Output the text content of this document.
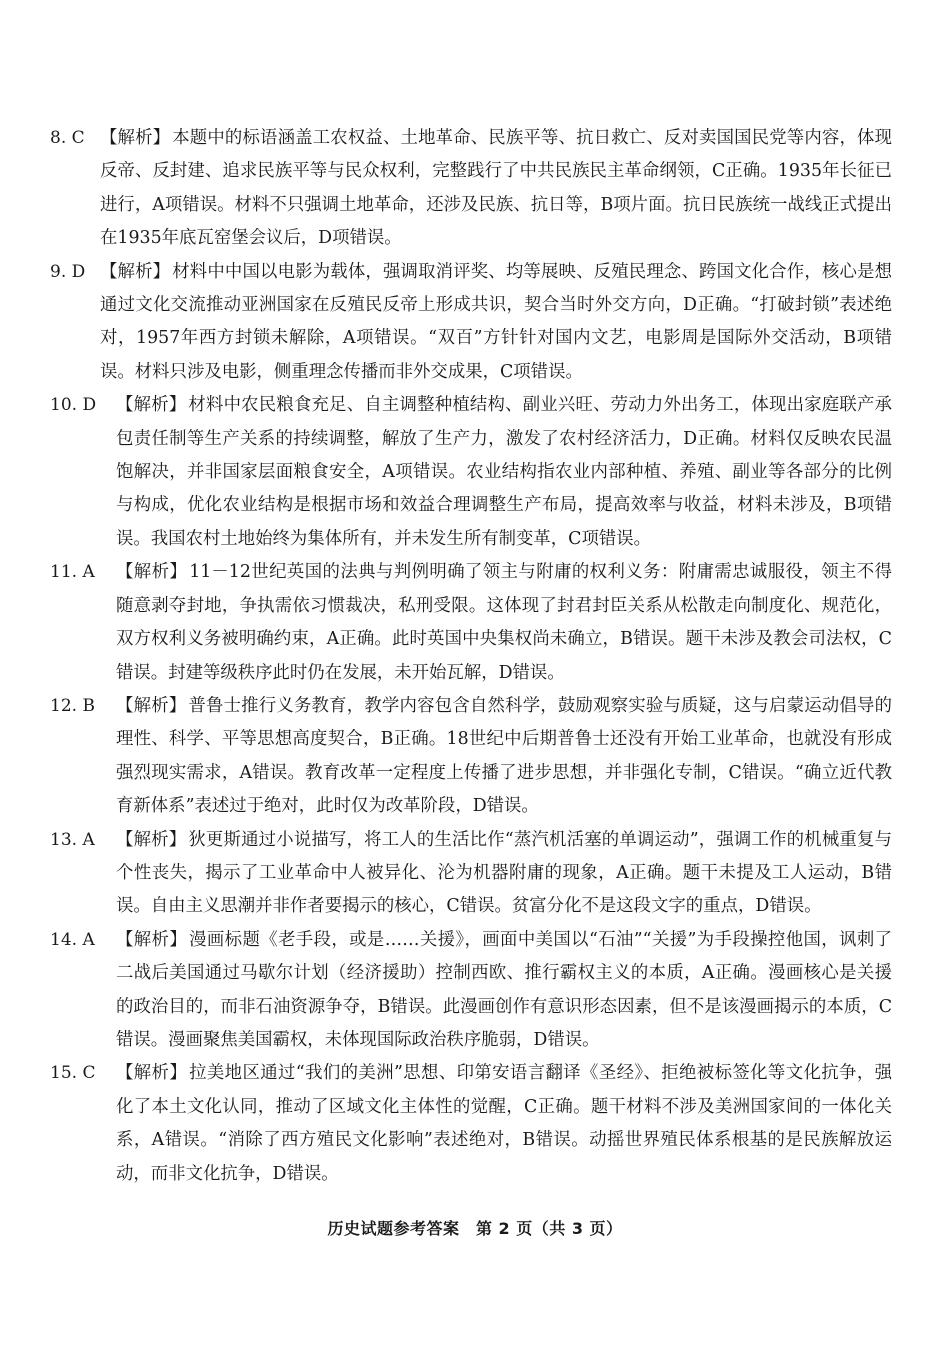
8. C 【解析】 本题中的标语涵盖工农权益、土地革命、民族平等、抗日救亡、反对卖国国民党等内容，体现反帝、反封建、追求民族平等与民众权利，完整践行了中共民族民主革命纲领，C正确。1935年长征已进行，A项错误。材料不只强调土地革命，还涉及民族、抗日等，B项片面。抗日民族统一战线正式提出在1935年底瓦窑堡会议后，D项错误。
9. D 【解析】 材料中中国以电影为载体，强调取消评奖、均等展映、反殖民理念、跨国文化合作，核心是想通过文化交流推动亚洲国家在反殖民反帝上形成共识，契合当时外交方向，D正确。“打破封锁”表述绝对，1957年西方封锁未解除，A项错误。“双百”方针针对国内文艺，电影周是国际外交活动，B项错误。材料只涉及电影，侧重理念传播而非外交成果，C项错误。
10. D	【解析】 材料中农民粮食充足、自主调整种植结构、副业兴旺、劳动力外出务工，体现出家庭联产承包责任制等生产关系的持续调整，解放了生产力，激发了农村经济活力，D正确。材料仅反映农民温饱解决，并非国家层面粮食安全，A项错误。农业结构指农业内部种植、养殖、副业等各部分的比例与构成，优化农业结构是根据市场和效益合理调整生产布局，提高效率与收益，材料未涉及，B项错误。我国农村土地始终为集体所有，并未发生所有制变革，C项错误。
11. A	【解析】 11－12世纪英国的法典与判例明确了领主与附庸的权利义务：附庸需忠诚服役，领主不得随意剥夺封地，争执需依习惯裁决，私刑受限。这体现了封君封臣关系从松散走向制度化、规范化，双方权利义务被明确约束，A正确。此时英国中央集权尚未确立，B错误。题干未涉及教会司法权，C错误。封建等级秩序此时仍在发展，未开始瓦解，D错误。
12. B	【解析】 普鲁士推行义务教育，教学内容包含自然科学，鼓励观察实验与质疑，这与启蒙运动倡导的理性、科学、平等思想高度契合，B正确。18世纪中后期普鲁士还没有开始工业革命，也就没有形成强烈现实需求，A错误。教育改革一定程度上传播了进步思想，并非强化专制，C错误。“确立近代教育新体系”表述过于绝对，此时仅为改革阶段，D错误。
13. A	【解析】 狄更斯通过小说描写，将工人的生活比作“蒸汽机活塞的单调运动”，强调工作的机械重复与个性丧失，揭示了工业革命中人被异化、沦为机器附庸的现象，A正确。题干未提及工人运动，B错误。自由主义思潮并非作者要揭示的核心，C错误。贫富分化不是这段文字的重点，D错误。
14. A	【解析】 漫画标题《老手段，或是……关援》，画面中美国以“石油”“关援”为手段操控他国，讽刺了二战后美国通过马歇尔计划（经济援助）控制西欧、推行霸权主义的本质，A正确。漫画核心是关援的政治目的，而非石油资源争夺，B错误。此漫画创作有意识形态因素，但不是该漫画揭示的本质，C错误。漫画聚焦美国霸权，未体现国际政治秩序脆弱，D错误。
15. C	【解析】 拉美地区通过“我们的美洲”思想、印第安语言翻译《圣经》、拒绝被标签化等文化抗争，强化了本土文化认同，推动了区域文化主体性的觉醒，C正确。题干材料不涉及美洲国家间的一体化关系，A错误。“消除了西方殖民文化影响”表述绝对，B错误。动摇世界殖民体系根基的是民族解放运动，而非文化抗争，D错误。
历史试题参考答案　第 2 页（共 3 页）
